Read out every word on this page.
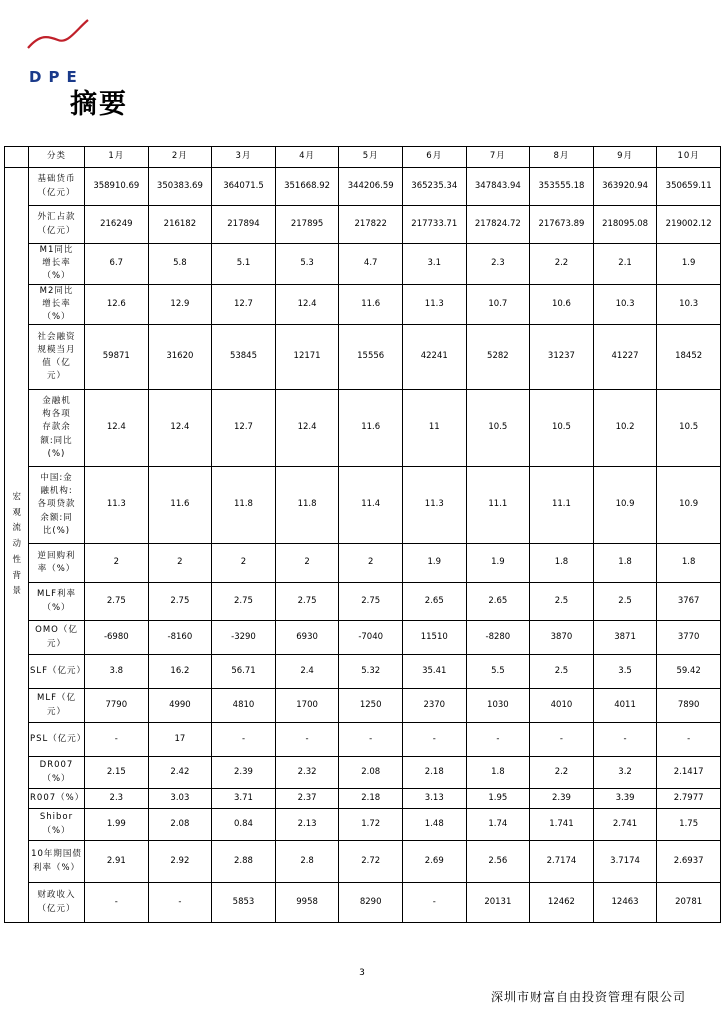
DPE
摘要
	分类	1月	2月	3月	4月	5月	6月	7月	8月	9月	10月

宏观流动性背景	基础货币（亿元）	358910.69	350383.69	364071.5	351668.92	344206.59	365235.34	347843.94	353555.18	363920.94	350659.11

	外汇占款（亿元）	216249	216182	217894	217895	217822	217733.71	217824.72	217673.89	218095.08	219002.12

	M1同比增长率（%）	6.7	5.8	5.1	5.3	4.7	3.1	2.3	2.2	2.1	1.9

	M2同比增长率（%）	12.6	12.9	12.7	12.4	11.6	11.3	10.7	10.6	10.3	10.3

	社会融资规模当月值（亿元）	59871	31620	53845	12171	15556	42241	5282	31237	41227	18452

	金融机构各项存款余额:同比(%)	12.4	12.4	12.7	12.4	11.6	11	10.5	10.5	10.2	10.5

	中国:金融机构:各项贷款余额:同比(%)	11.3	11.6	11.8	11.8	11.4	11.3	11.1	11.1	10.9	10.9

	逆回购利率（%）	2	2	2	2	2	1.9	1.9	1.8	1.8	1.8

	MLF利率（%）	2.75	2.75	2.75	2.75	2.75	2.65	2.65	2.5	2.5	3767

	OMO（亿元）	-6980	-8160	-3290	6930	-7040	11510	-8280	3870	3871	3770

	SLF（亿元）	3.8	16.2	56.71	2.4	5.32	35.41	5.5	2.5	3.5	59.42

	MLF（亿元）	7790	4990	4810	1700	1250	2370	1030	4010	4011	7890

	PSL（亿元）	-	17	-	-	-	-	-	-	-	-

	DR007（%）	2.15	2.42	2.39	2.32	2.08	2.18	1.8	2.2	3.2	2.1417

	R007（%）	2.3	3.03	3.71	2.37	2.18	3.13	1.95	2.39	3.39	2.7977

	Shibor（%）	1.99	2.08	0.84	2.13	1.72	1.48	1.74	1.741	2.741	1.75

	10年期国债利率（%）	2.91	2.92	2.88	2.8	2.72	2.69	2.56	2.7174	3.7174	2.6937

	财政收入（亿元）	-	-	5853	9958	8290	-	20131	12462	12463	20781
3
深圳市财富自由投资管理有限公司
